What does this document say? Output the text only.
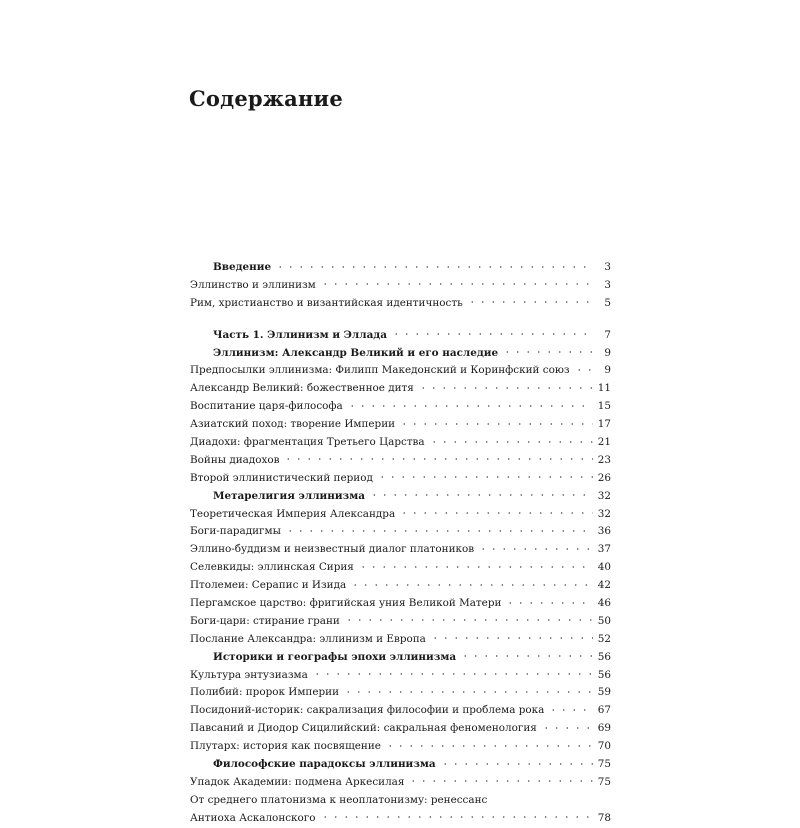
Содержание
Введение	3
Эллинство и эллинизм	3
Рим, христианство и византийская идентичность	5
Часть 1. Эллинизм и Эллада	7
Эллинизм: Александр Великий и его наследие	9
Предпосылки эллинизма: Филипп Македонский и Коринфский союз	9
Александр Великий: божественное дитя	11
Воспитание царя-философа	15
Азиатский поход: творение Империи	17
Диадохи: фрагментация Третьего Царства	21
Войны диадохов	23
Второй эллинистический период	26
Метарелигия эллинизма	32
Теоретическая Империя Александра	32
Боги-парадигмы	36
Эллино-буддизм и неизвестный диалог платоников	37
Селевкиды: эллинская Сирия	40
Птолемеи: Серапис и Изида	42
Пергамское царство: фригийская уния Великой Матери	46
Боги-цари: стирание грани	50
Послание Александра: эллинизм и Европа	52
Историки и географы эпохи эллинизма	56
Культура энтузиазма	56
Полибий: пророк Империи	59
Посидоний-историк: сакрализация философии и проблема рока	67
Павсаний и Диодор Сицилийский: сакральная феноменология	69
Плутарх: история как посвящение	70
Философские парадоксы эллинизма	75
Упадок Академии: подмена Аркесилая	75
От среднего платонизма к неоплатонизму: ренессанс
Антиоха Аскалонского	78
